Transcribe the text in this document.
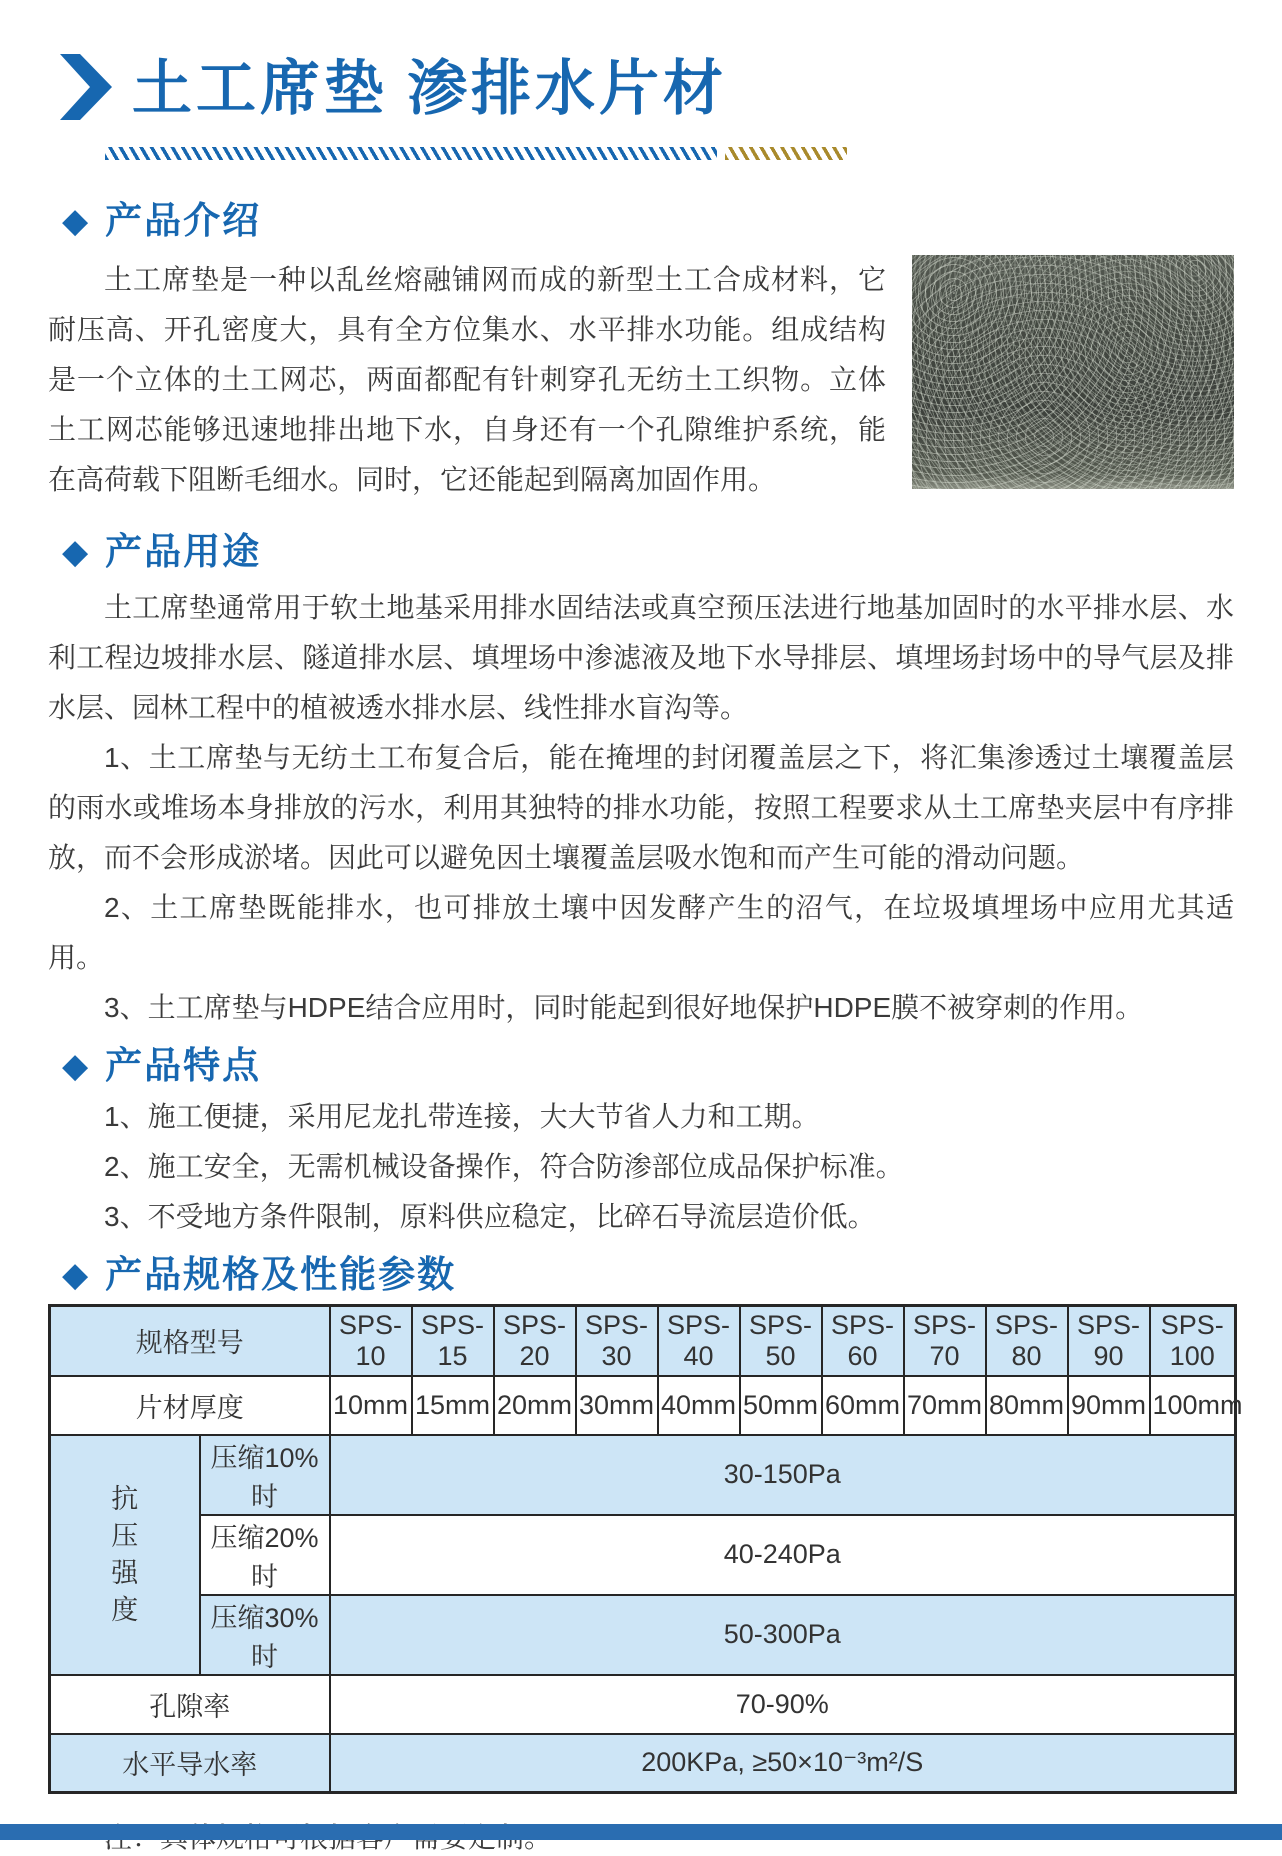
土工席垫 渗排水片材
◆ 产品介绍

土工席垫是一种以乱丝熔融铺网而成的新型土工合成材料，它耐压高、开孔密度大，具有全方位集水、水平排水功能。组成结构是一个立体的土工网芯，两面都配有针刺穿孔无纺土工织物。立体土工网芯能够迅速地排出地下水，自身还有一个孔隙维护系统，能在高荷载下阻断毛细水。同时，它还能起到隔离加固作用。

◆ 产品用途

土工席垫通常用于软土地基采用排水固结法或真空预压法进行地基加固时的水平排水层、水利工程边坡排水层、隧道排水层、填埋场中渗滤液及地下水导排层、填埋场封场中的导气层及排水层、园林工程中的植被透水排水层、线性排水盲沟等。

1、土工席垫与无纺土工布复合后，能在掩埋的封闭覆盖层之下，将汇集渗透过土壤覆盖层的雨水或堆场本身排放的污水，利用其独特的排水功能，按照工程要求从土工席垫夹层中有序排放，而不会形成淤堵。因此可以避免因土壤覆盖层吸水饱和而产生可能的滑动问题。

2、土工席垫既能排水，也可排放土壤中因发酵产生的沼气，在垃圾填埋场中应用尤其适用。

3、土工席垫与HDPE结合应用时，同时能起到很好地保护HDPE膜不被穿刺的作用。

◆ 产品特点

1、施工便捷，采用尼龙扎带连接，大大节省人力和工期。

2、施工安全，无需机械设备操作，符合防渗部位成品保护标准。

3、不受地方条件限制，原料供应稳定，比碎石导流层造价低。

◆ 产品规格及性能参数
规格型号		SPS-10	SPS-15	SPS-20	SPS-30	SPS-40	SPS-50	SPS-60	SPS-70	SPS-80	SPS-90	SPS-100
片材厚度		10mm	15mm	20mm	30mm	40mm	50mm	60mm	70mm	80mm	90mm	100mm
抗压强度	压缩10%时	30-150Pa										
	压缩20%时	40-240Pa										
	压缩30%时	50-300Pa										
孔隙率		70-90%										
水平导水率		200KPa, ≥50×10⁻³m²/S										
